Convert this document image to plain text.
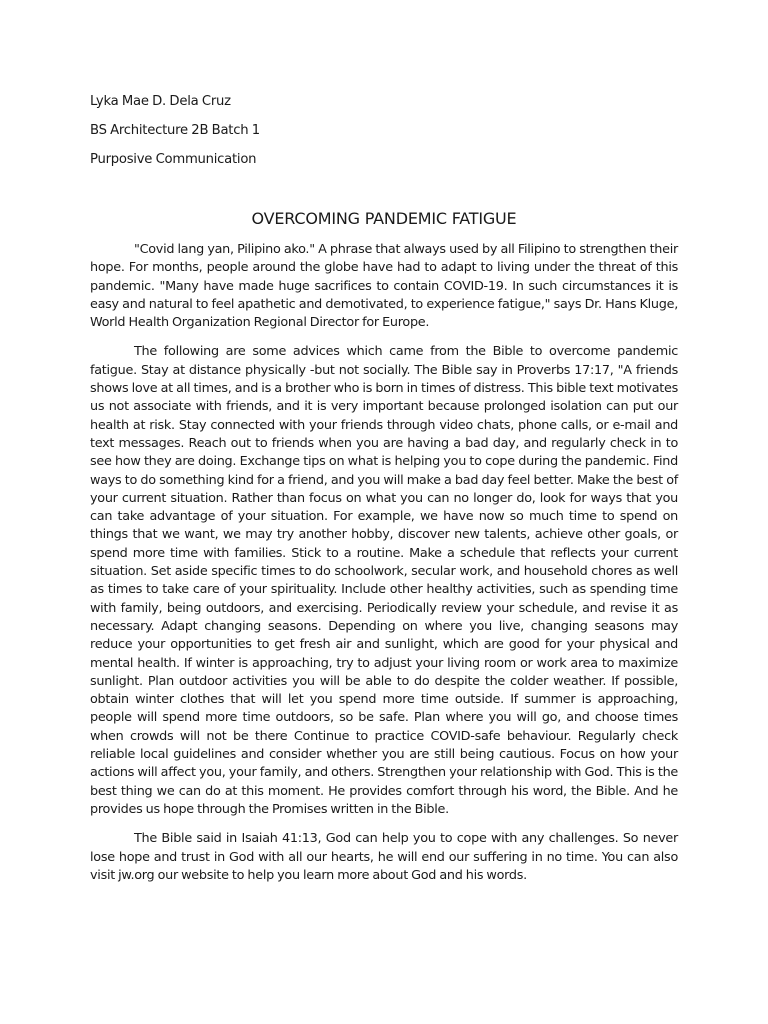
Lyka Mae D. Dela Cruz

BS Architecture 2B Batch 1

Purposive Communication

OVERCOMING PANDEMIC FATIGUE

"Covid lang yan, Pilipino ako." A phrase that always used by all Filipino to strengthen their hope. For months, people around the globe have had to adapt to living under the threat of this pandemic. "Many have made huge sacrifices to contain COVID-19. In such circumstances it is easy and natural to feel apathetic and demotivated, to experience fatigue," says Dr. Hans Kluge, World Health Organization Regional Director for Europe.

The following are some advices which came from the Bible to overcome pandemic fatigue. Stay at distance physically -but not socially. The Bible say in Proverbs 17:17, "A friends shows love at all times, and is a brother who is born in times of distress. This bible text motivates us not associate with friends, and it is very important because prolonged isolation can put our health at risk. Stay connected with your friends through video chats, phone calls, or e-mail and text messages. Reach out to friends when you are having a bad day, and regularly check in to see how they are doing. Exchange tips on what is helping you to cope during the pandemic. Find ways to do something kind for a friend, and you will make a bad day feel better. Make the best of your current situation. Rather than focus on what you can no longer do, look for ways that you can take advantage of your situation. For example, we have now so much time to spend on things that we want, we may try another hobby, discover new talents, achieve other goals, or spend more time with families. Stick to a routine. Make a schedule that reflects your current situation. Set aside specific times to do schoolwork, secular work, and household chores as well as times to take care of your spirituality. Include other healthy activities, such as spending time with family, being outdoors, and exercising. Periodically review your schedule, and revise it as necessary. Adapt changing seasons. Depending on where you live, changing seasons may reduce your opportunities to get fresh air and sunlight, which are good for your physical and mental health. If winter is approaching, try to adjust your living room or work area to maximize sunlight. Plan outdoor activities you will be able to do despite the colder weather. If possible, obtain winter clothes that will let you spend more time outside. If summer is approaching, people will spend more time outdoors, so be safe. Plan where you will go, and choose times when crowds will not be there Continue to practice COVID-safe behaviour. Regularly check reliable local guidelines and consider whether you are still being cautious. Focus on how your actions will affect you, your family, and others. Strengthen your relationship with God. This is the best thing we can do at this moment. He provides comfort through his word, the Bible. And he provides us hope through the Promises written in the Bible.

The Bible said in Isaiah 41:13, God can help you to cope with any challenges. So never lose hope and trust in God with all our hearts, he will end our suffering in no time. You can also visit jw.org our website to help you learn more about God and his words.
